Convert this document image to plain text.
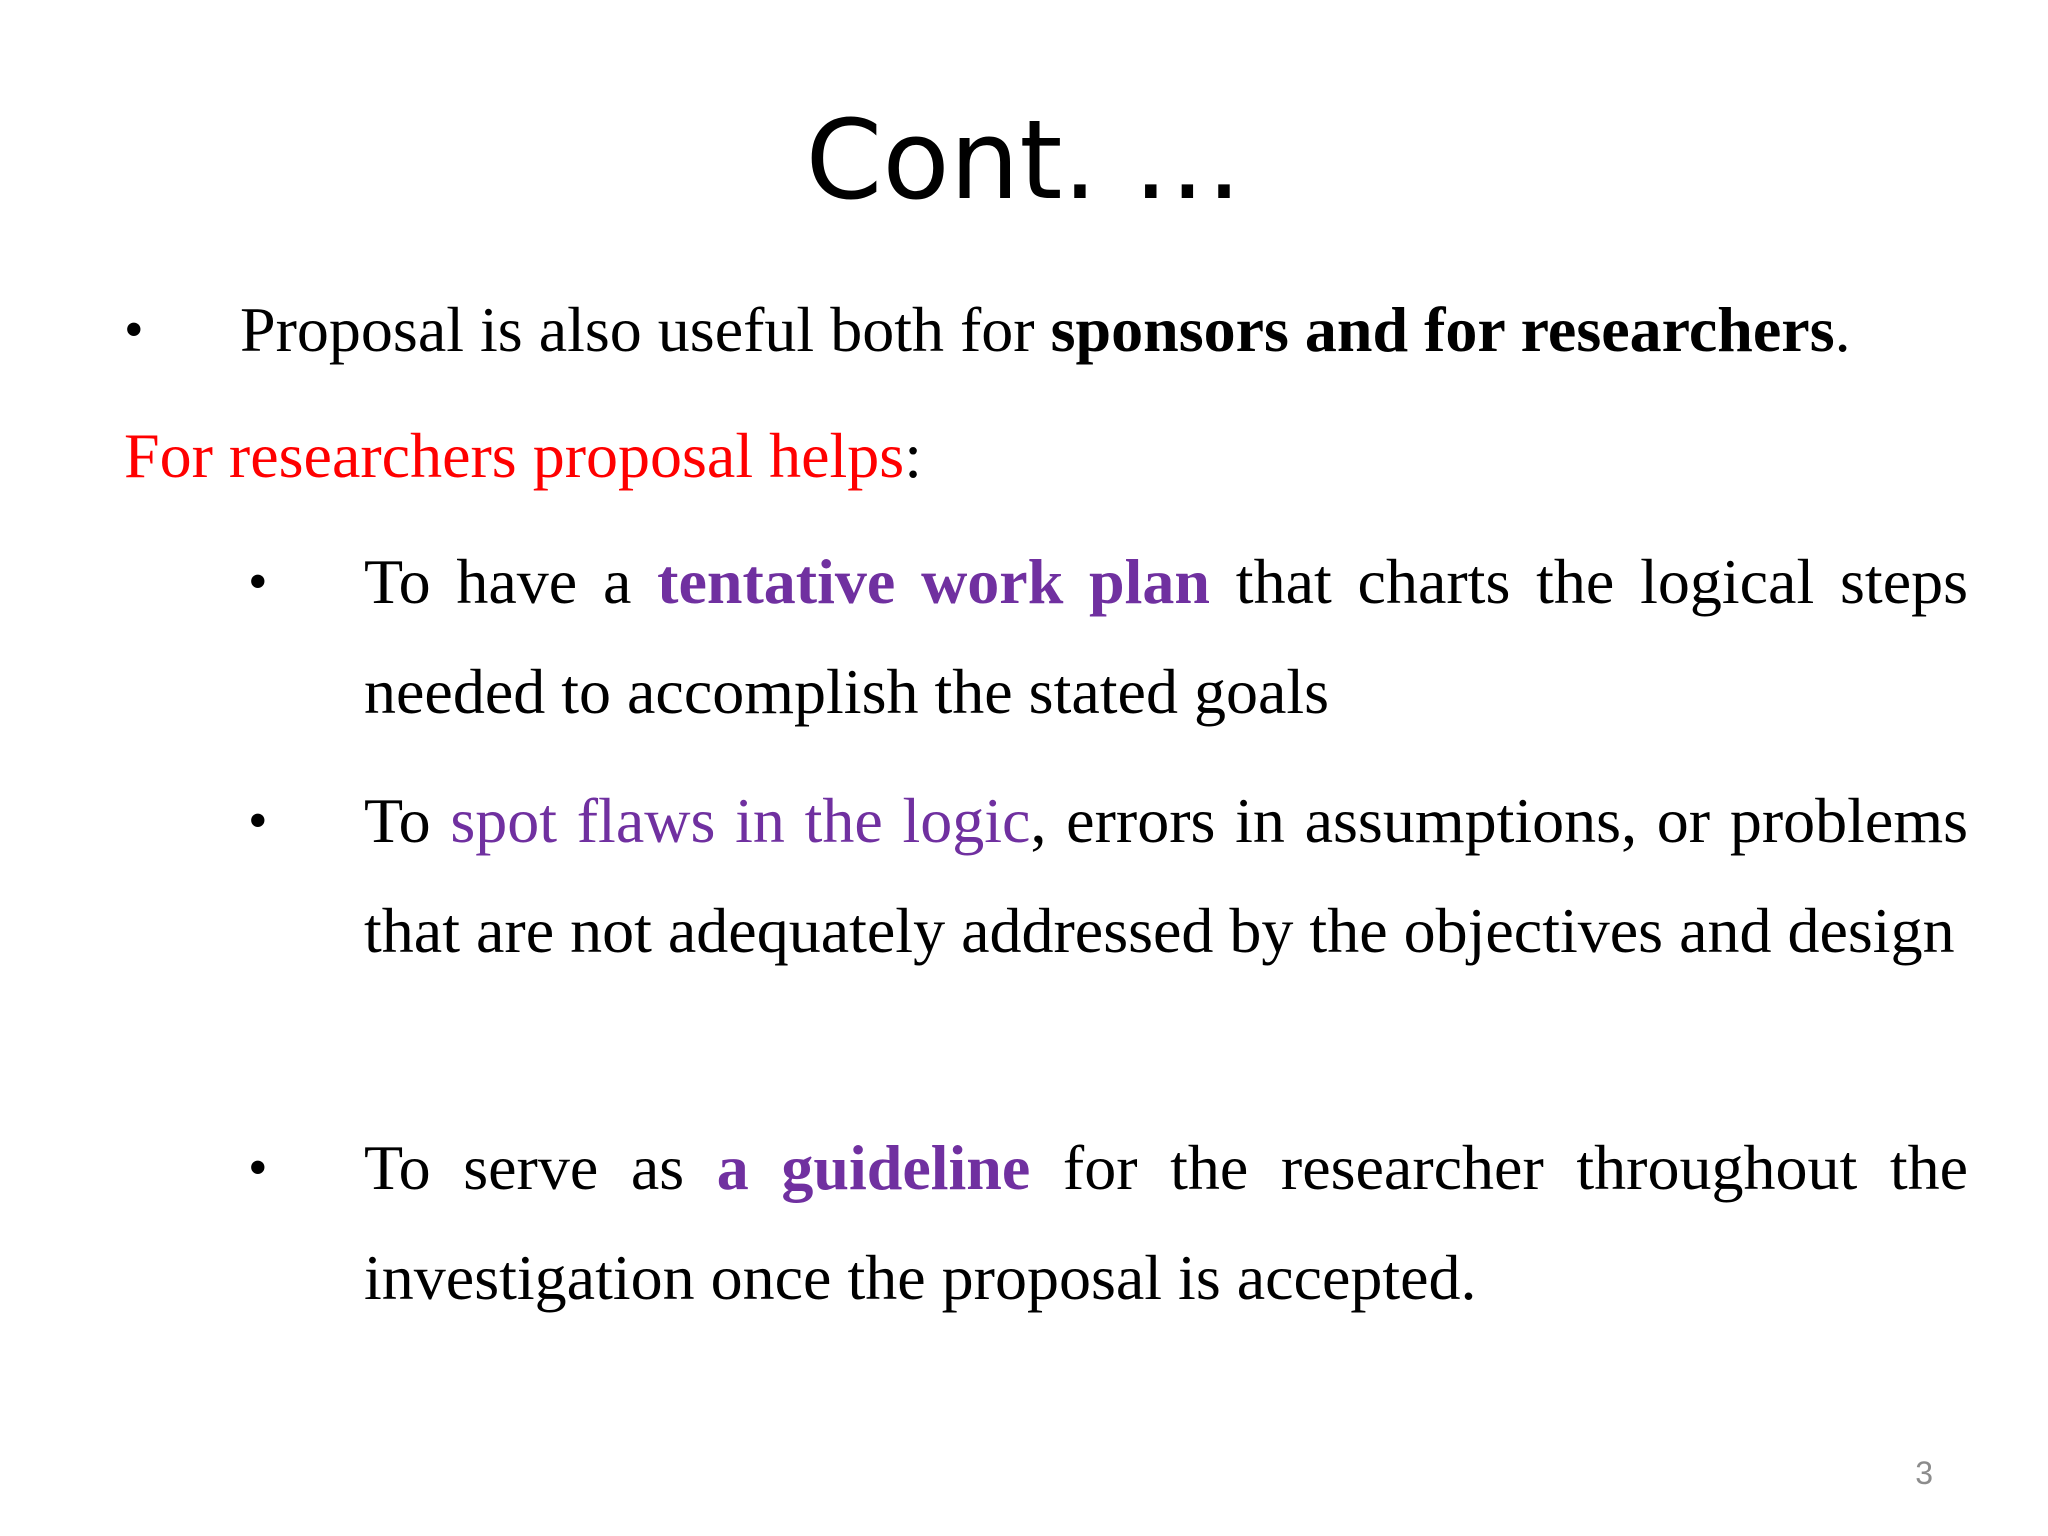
Cont. …
• Proposal is also useful both for sponsors and for researchers.
For researchers proposal helps:
• To have a tentative work plan that charts the logical steps needed to accomplish the stated goals
• To spot flaws in the logic, errors in assumptions, or problems that are not adequately addressed by the objectives and design
• To serve as a guideline for the researcher throughout the investigation once the proposal is accepted.
3
